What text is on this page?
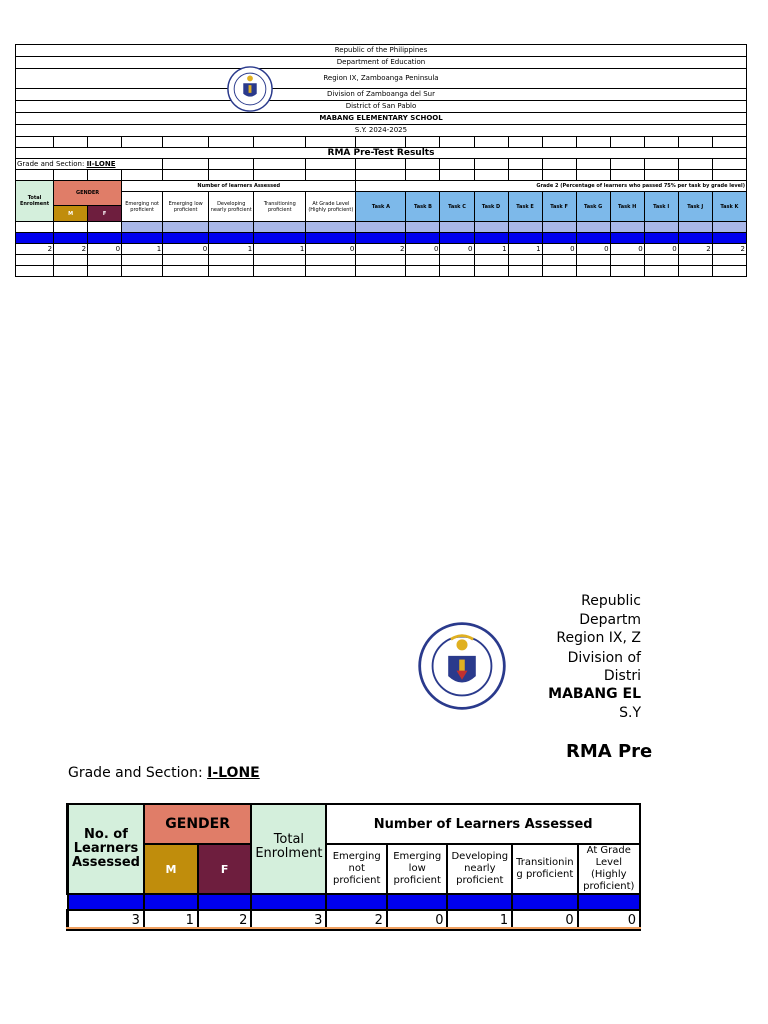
Republic of the Philippines
Department of Education
Region IX, Zamboanga Peninsula
Division of Zamboanga del Sur
District of San Pablo
MABANG ELEMENTARY SCHOOL
S.Y. 2024-2025

RMA Pre-Test Results																		
Grade and Section: II-LONE																		

Total Enrolment	GENDER		Number of learners Assessed					Grade 2 (Percentage of learners who passed 75% per task by grade level)										
			Emerging not proficient	Emerging low proficient	Developing nearly proficient	Transitioning proficient	At Grade Level (Highly proficient)	Task A	Task B	Task C	Task D	Task E	Task F	Task G	Task H	Task I	Task J	Task K
	M	F																

2	2	0	1	0	1	1	0	2	0	0	1	1	0	0	0	0	2	2

Republic
Departm
Region IX, Z
Division of
Distri
MABANG EL
S.Y
RMA Pre
Grade and Section: I-LONE
No. of Learners Assessed	GENDER		Total Enrolment	Number of Learners Assessed				
	M	F		Emerging not proficient	Emerging low proficient	Developing nearly proficient	Transitionin g proficient	At Grade Level (Highly proficient)

3	1	2	3	2	0	1	0	0
